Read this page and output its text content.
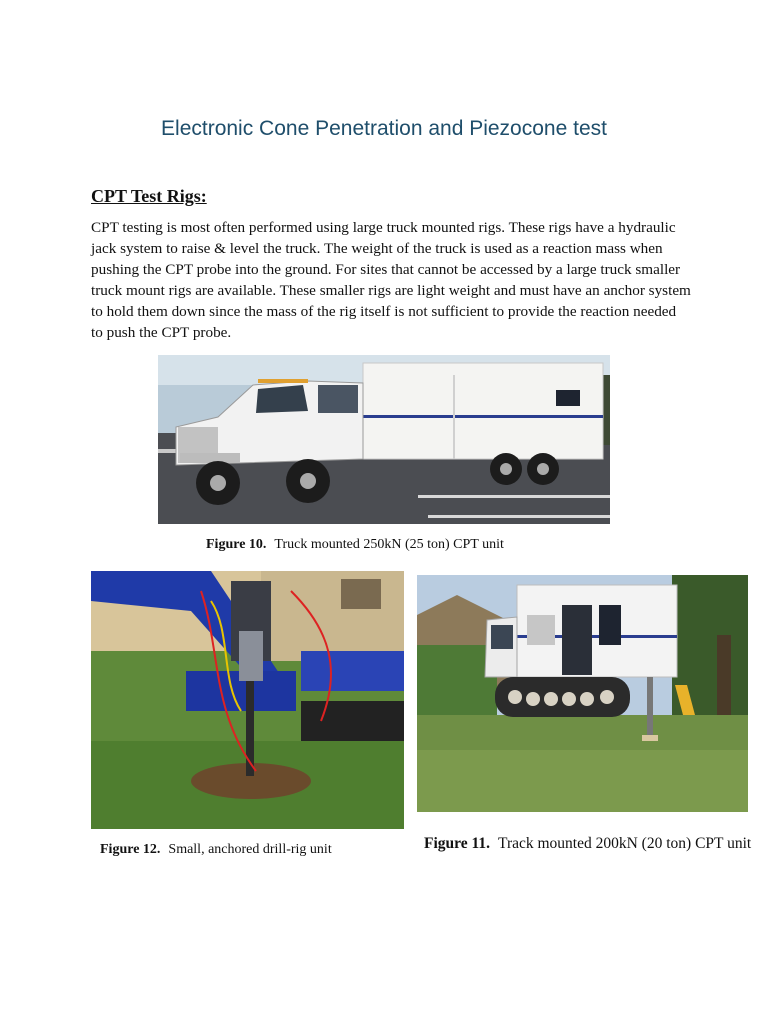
Electronic Cone Penetration and Piezocone test
CPT Test Rigs:
CPT testing is most often performed using large truck mounted rigs. These rigs have a hydraulic jack system to raise & level the truck. The weight of the truck is used as a reaction mass when pushing the CPT probe into the ground. For sites that cannot be accessed by a large truck smaller truck mount rigs are available. These smaller rigs are light weight and must have an anchor system to hold them down since the mass of the rig itself is not sufficient to provide the reaction needed to push the CPT probe.
Figure 10. Truck mounted 250kN (25 ton) CPT unit
Figure 12. Small, anchored drill-rig unit	Figure 11. Track mounted 200kN (20 ton) CPT unit
